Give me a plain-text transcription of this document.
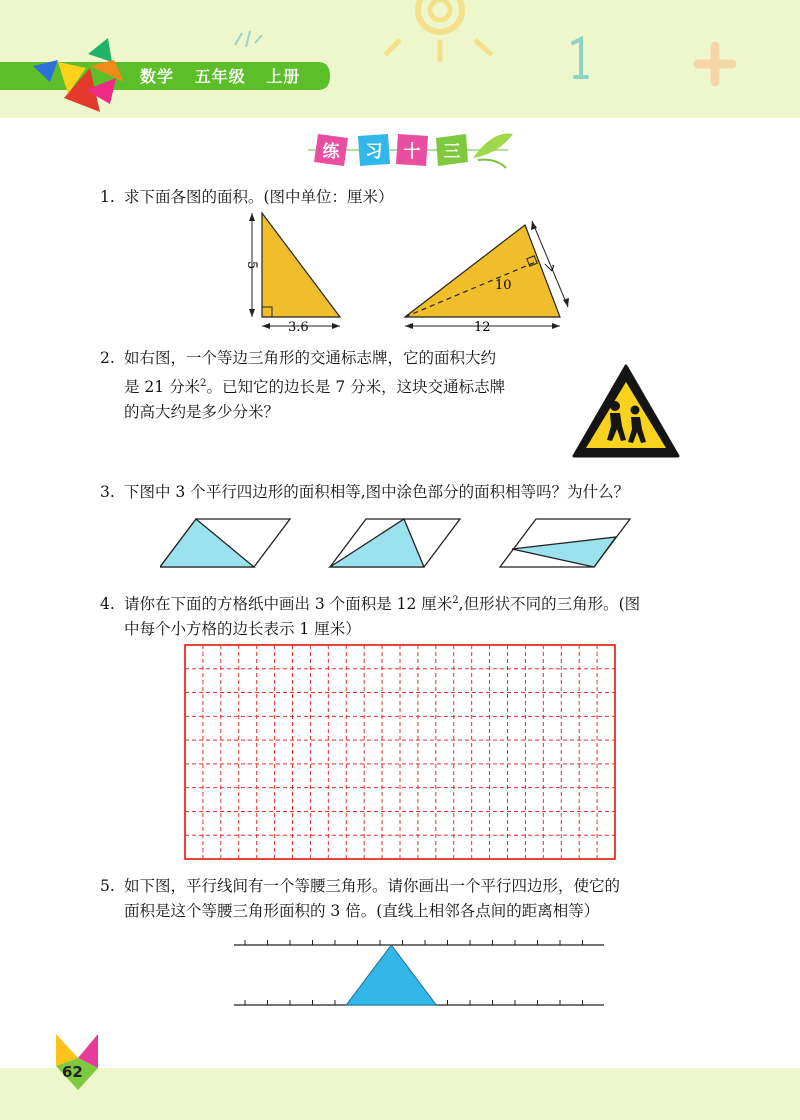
数学 五年级 上册
练 习 十 三
1. 求下面各图的面积。(图中单位：厘米）
5
3.6
10
7
12
2. 如右图，一个等边三角形的交通标志牌，它的面积大约
是 21 分米$^2$。已知它的边长是 7 分米，这块交通标志牌
的高大约是多少分米？
3. 下图中 3 个平行四边形的面积相等,图中涂色部分的面积相等吗？为什么？
4. 请你在下面的方格纸中画出 3 个面积是 12 厘米$^2$,但形状不同的三角形。(图
中每个小方格的边长表示 1 厘米）
5. 如下图，平行线间有一个等腰三角形。请你画出一个平行四边形，使它的
面积是这个等腰三角形面积的 3 倍。(直线上相邻各点间的距离相等）
62
